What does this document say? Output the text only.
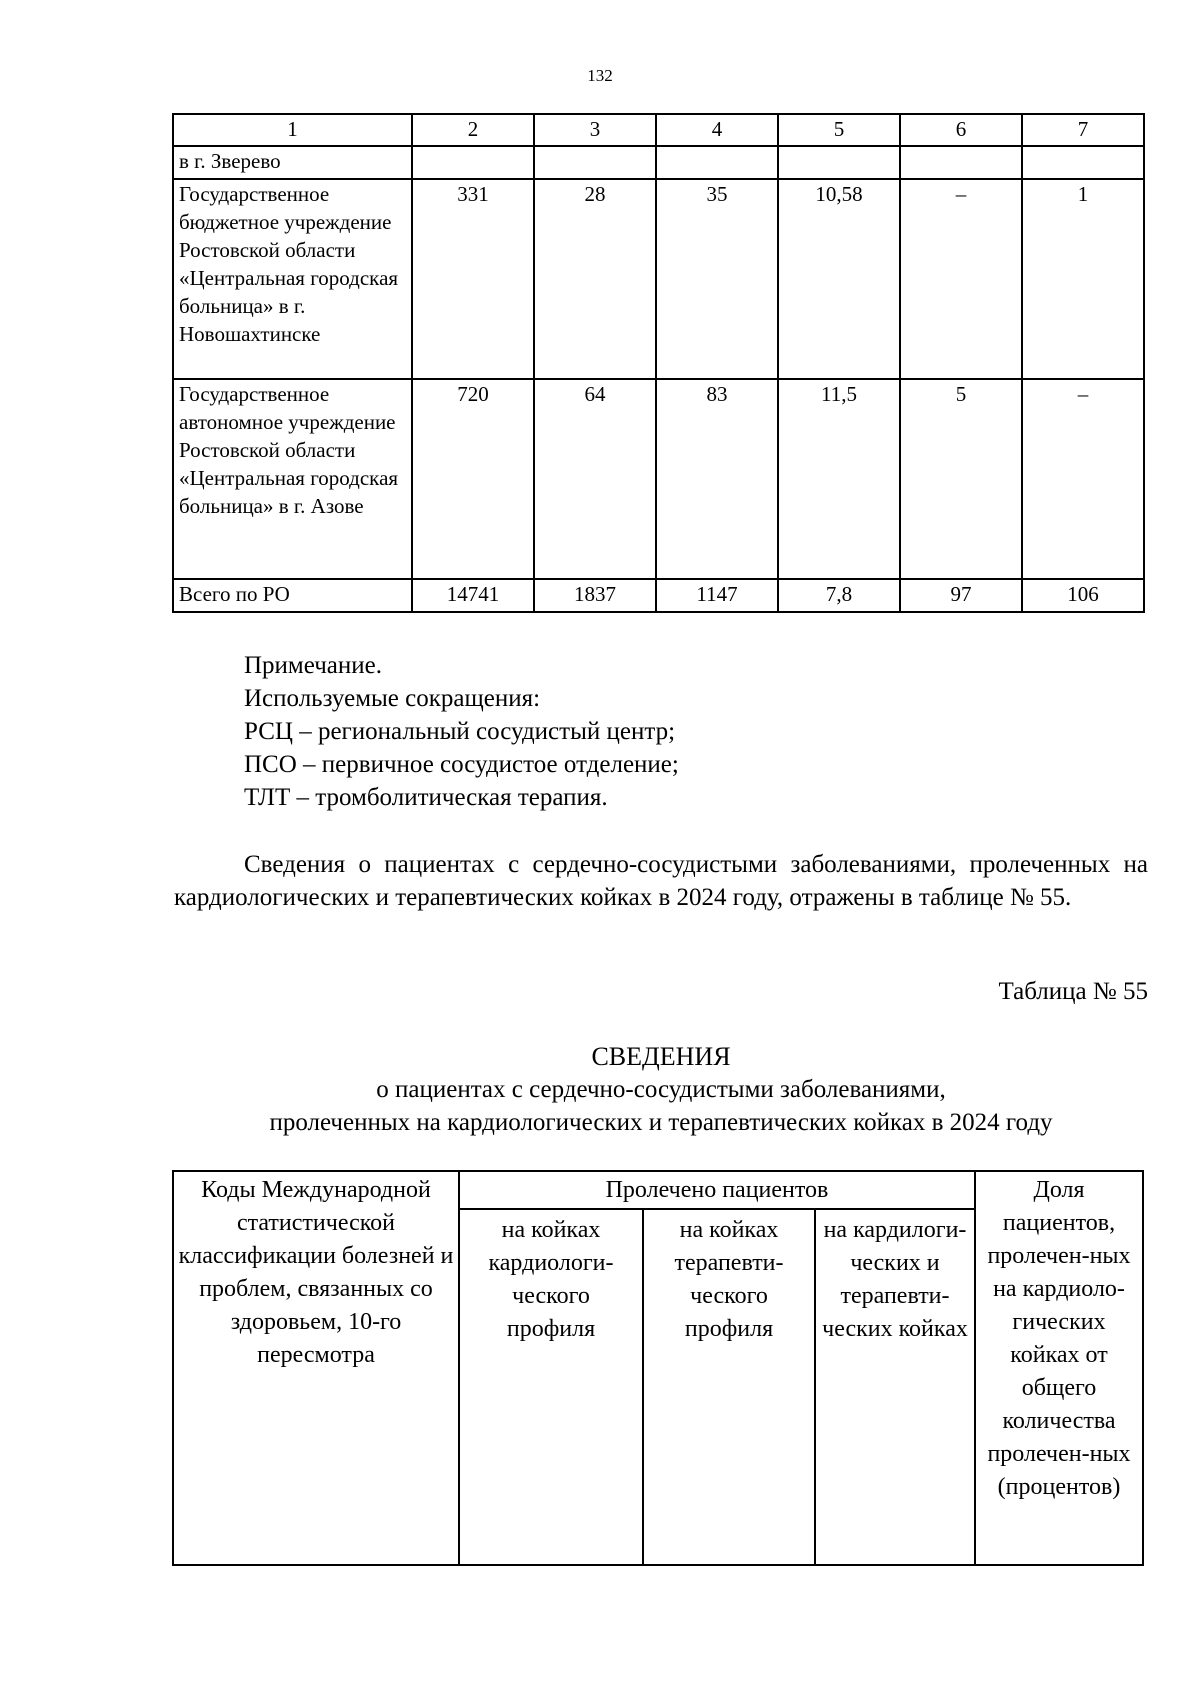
132
1	2	3	4	5	6	7
в г. Зверево						
Государственное бюджетное учреждение Ростовской области «Центральная городская больница» в г. Новошахтинске	331	28	35	10,58	–	1
Государственное автономное учреждение Ростовской области «Центральная городская больница» в г. Азове	720	64	83	11,5	5	–
Всего по РО	14741	1837	1147	7,8	97	106
Примечание.
Используемые сокращения:
РСЦ – региональный сосудистый центр;
ПСО – первичное сосудистое отделение;
ТЛТ – тромболитическая терапия.
Сведения о пациентах с сердечно-сосудистыми заболеваниями, пролеченных на кардиологических и терапевтических койках в 2024 году, отражены в таблице № 55.
Таблица № 55
СВЕДЕНИЯ
о пациентах с сердечно-сосудистыми заболеваниями,
пролеченных на кардиологических и терапевтических койках в 2024 году
Коды Международной статистической классификации болезней и проблем, связанных со здоровьем, 10-го пересмотра	Пролечено пациентов			Доля пациентов, пролечен-ных на кардиоло-гических койках от общего количества пролечен-ных (процентов)
	на койках кардиологи-ческого профиля	на койках терапевти-ческого профиля	на кардилоги-ческих и терапевти-ческих койках	
